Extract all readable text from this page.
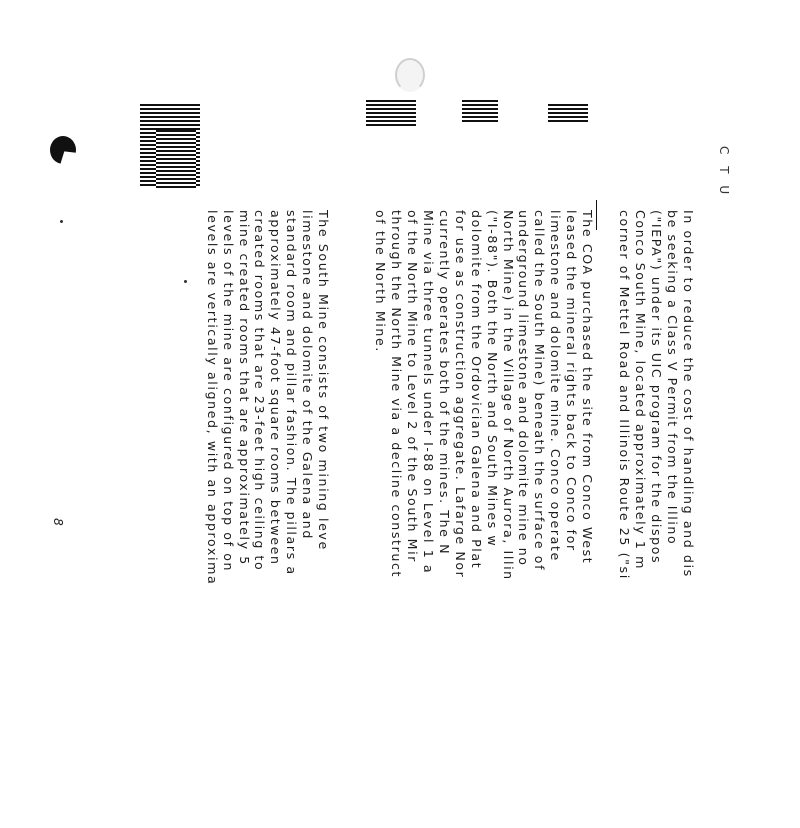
C T U
In order to reduce the cost of handling and dis
be seeking a Class V Permit from the Illino
("IEPA") under its UIC program for the dispos
Conco South Mine, located approximately 1 m
corner of Mettel Road and Illinois Route 25 ("si
The COA purchased the site from Conco West
leased the mineral rights back to Conco for
limestone and dolomite mine. Conco operate
called the South Mine) beneath the surface of
underground limestone and dolomite mine no
North Mine) in the Village of North Aurora, Illin
("I-88"). Both the North and South Mines w
dolomite from the Ordovician Galena and Plat
for use as construction aggregate. Lafarge Nor
currently operates both of the mines. The N
Mine via three tunnels under I-88 on Level 1 a
of the North Mine to Level 2 of the South Mir
through the North Mine via a decline construct
of the North Mine.
The South Mine consists of two mining leve
limestone and dolomite of the Galena and
standard room and pillar fashion. The pillars a
approximately 47-foot square rooms between
created rooms that are 23-feet high ceiling to
mine created rooms that are approximately 5
levels of the mine are configured on top of on
levels are vertically aligned, with an approxima
8
